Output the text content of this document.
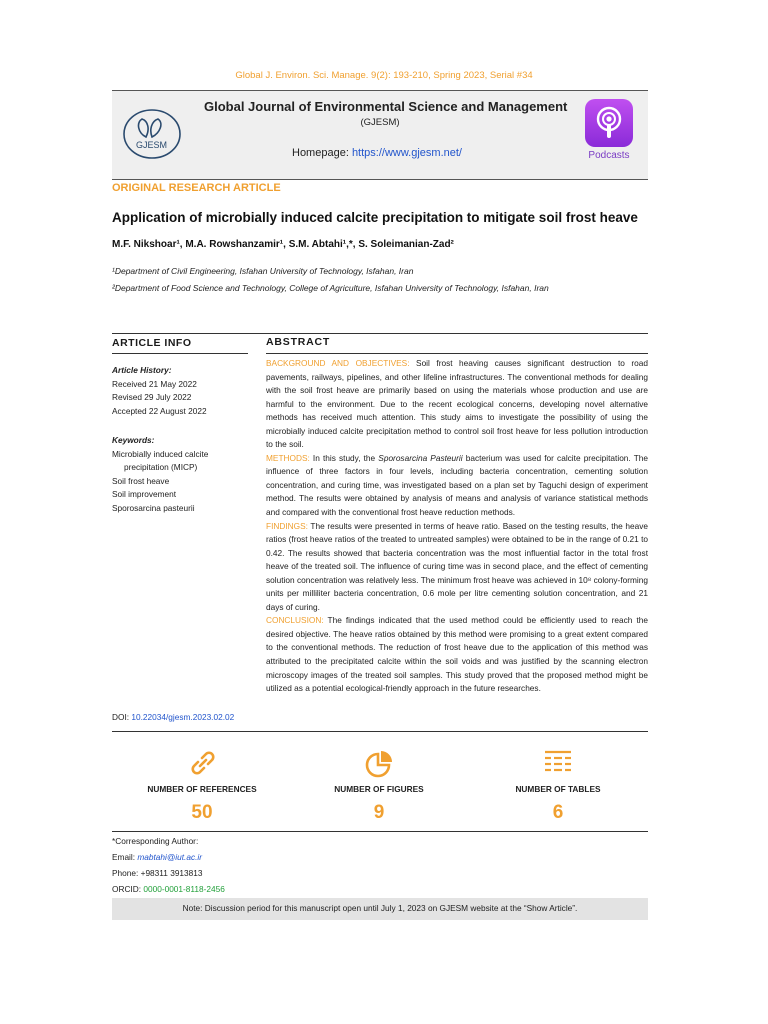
Global J. Environ. Sci. Manage. 9(2): 193-210, Spring 2023, Serial #34
GJESM
Global Journal of Environmental Science and Management
(GJESM)
Homepage: https://www.gjesm.net/	Podcasts
ORIGINAL RESEARCH ARTICLE
Application of microbially induced calcite precipitation to mitigate soil frost heave
M.F. Nikshoar¹, M.A. Rowshanzamir¹, S.M. Abtahi¹,*, S. Soleimanian-Zad²
¹Department of Civil Engineering, Isfahan University of Technology, Isfahan, Iran
²Department of Food Science and Technology, College of Agriculture, Isfahan University of Technology, Isfahan, Iran
ARTICLE INFO	ABSTRACT
Article History:
Received 21 May 2022
Revised 29 July 2022
Accepted 22 August 2022
Keywords:
Microbially induced calcite
precipitation (MICP)
Soil frost heave
Soil improvement
Sporosarcina pasteurii
DOI: 10.22034/gjesm.2023.02.02

BACKGROUND AND OBJECTIVES: Soil frost heaving causes significant destruction to road pavements, railways, pipelines, and other lifeline infrastructures. The conventional methods for dealing with the soil frost heave are primarily based on using the materials whose production and use are harmful to the environment. Due to the recent ecological concerns, developing novel alternative methods has received much attention. This study aims to investigate the possibility of using the microbially induced calcite precipitation method to control soil frost heave for less pollution introduction to the soil.

METHODS: In this study, the Sporosarcina Pasteurii bacterium was used for calcite precipitation. The influence of three factors in four levels, including bacteria concentration, cementing solution concentration, and curing time, was investigated based on a plan set by Taguchi design of experiment method. The results were obtained by analysis of means and analysis of variance statistical methods and compared with the conventional frost heave reduction methods.

FINDINGS: The results were presented in terms of heave ratio. Based on the testing results, the heave ratios (frost heave ratios of the treated to untreated samples) were obtained to be in the range of 0.21 to 0.42. The results showed that bacteria concentration was the most influential factor in the total frost heave of the treated soil. The influence of curing time was in second place, and the effect of cementing solution concentration was relatively less. The minimum frost heave was achieved in 10⁸ colony-forming units per milliliter bacteria concentration, 0.6 mole per litre cementing solution concentration, and 21 days of curing.

CONCLUSION: The findings indicated that the used method could be efficiently used to reach the desired objective. The heave ratios obtained by this method were promising to a great extent compared to the conventional methods. The reduction of frost heave due to the application of this method was attributed to the precipitated calcite within the soil voids and was justified by the scanning electron microscopy images of the treated soil samples. This study proved that the proposed method might be utilized as a potential ecological-friendly approach in the future researches.

NUMBER OF REFERENCES	NUMBER OF FIGURES	NUMBER OF TABLES
50	9	6
*Corresponding Author:
Email: mabtahi@iut.ac.ir
Phone: +98311 3913813
ORCID: 0000-0001-8118-2456
Note: Discussion period for this manuscript open until July 1, 2023 on GJESM website at the “Show Article”.
